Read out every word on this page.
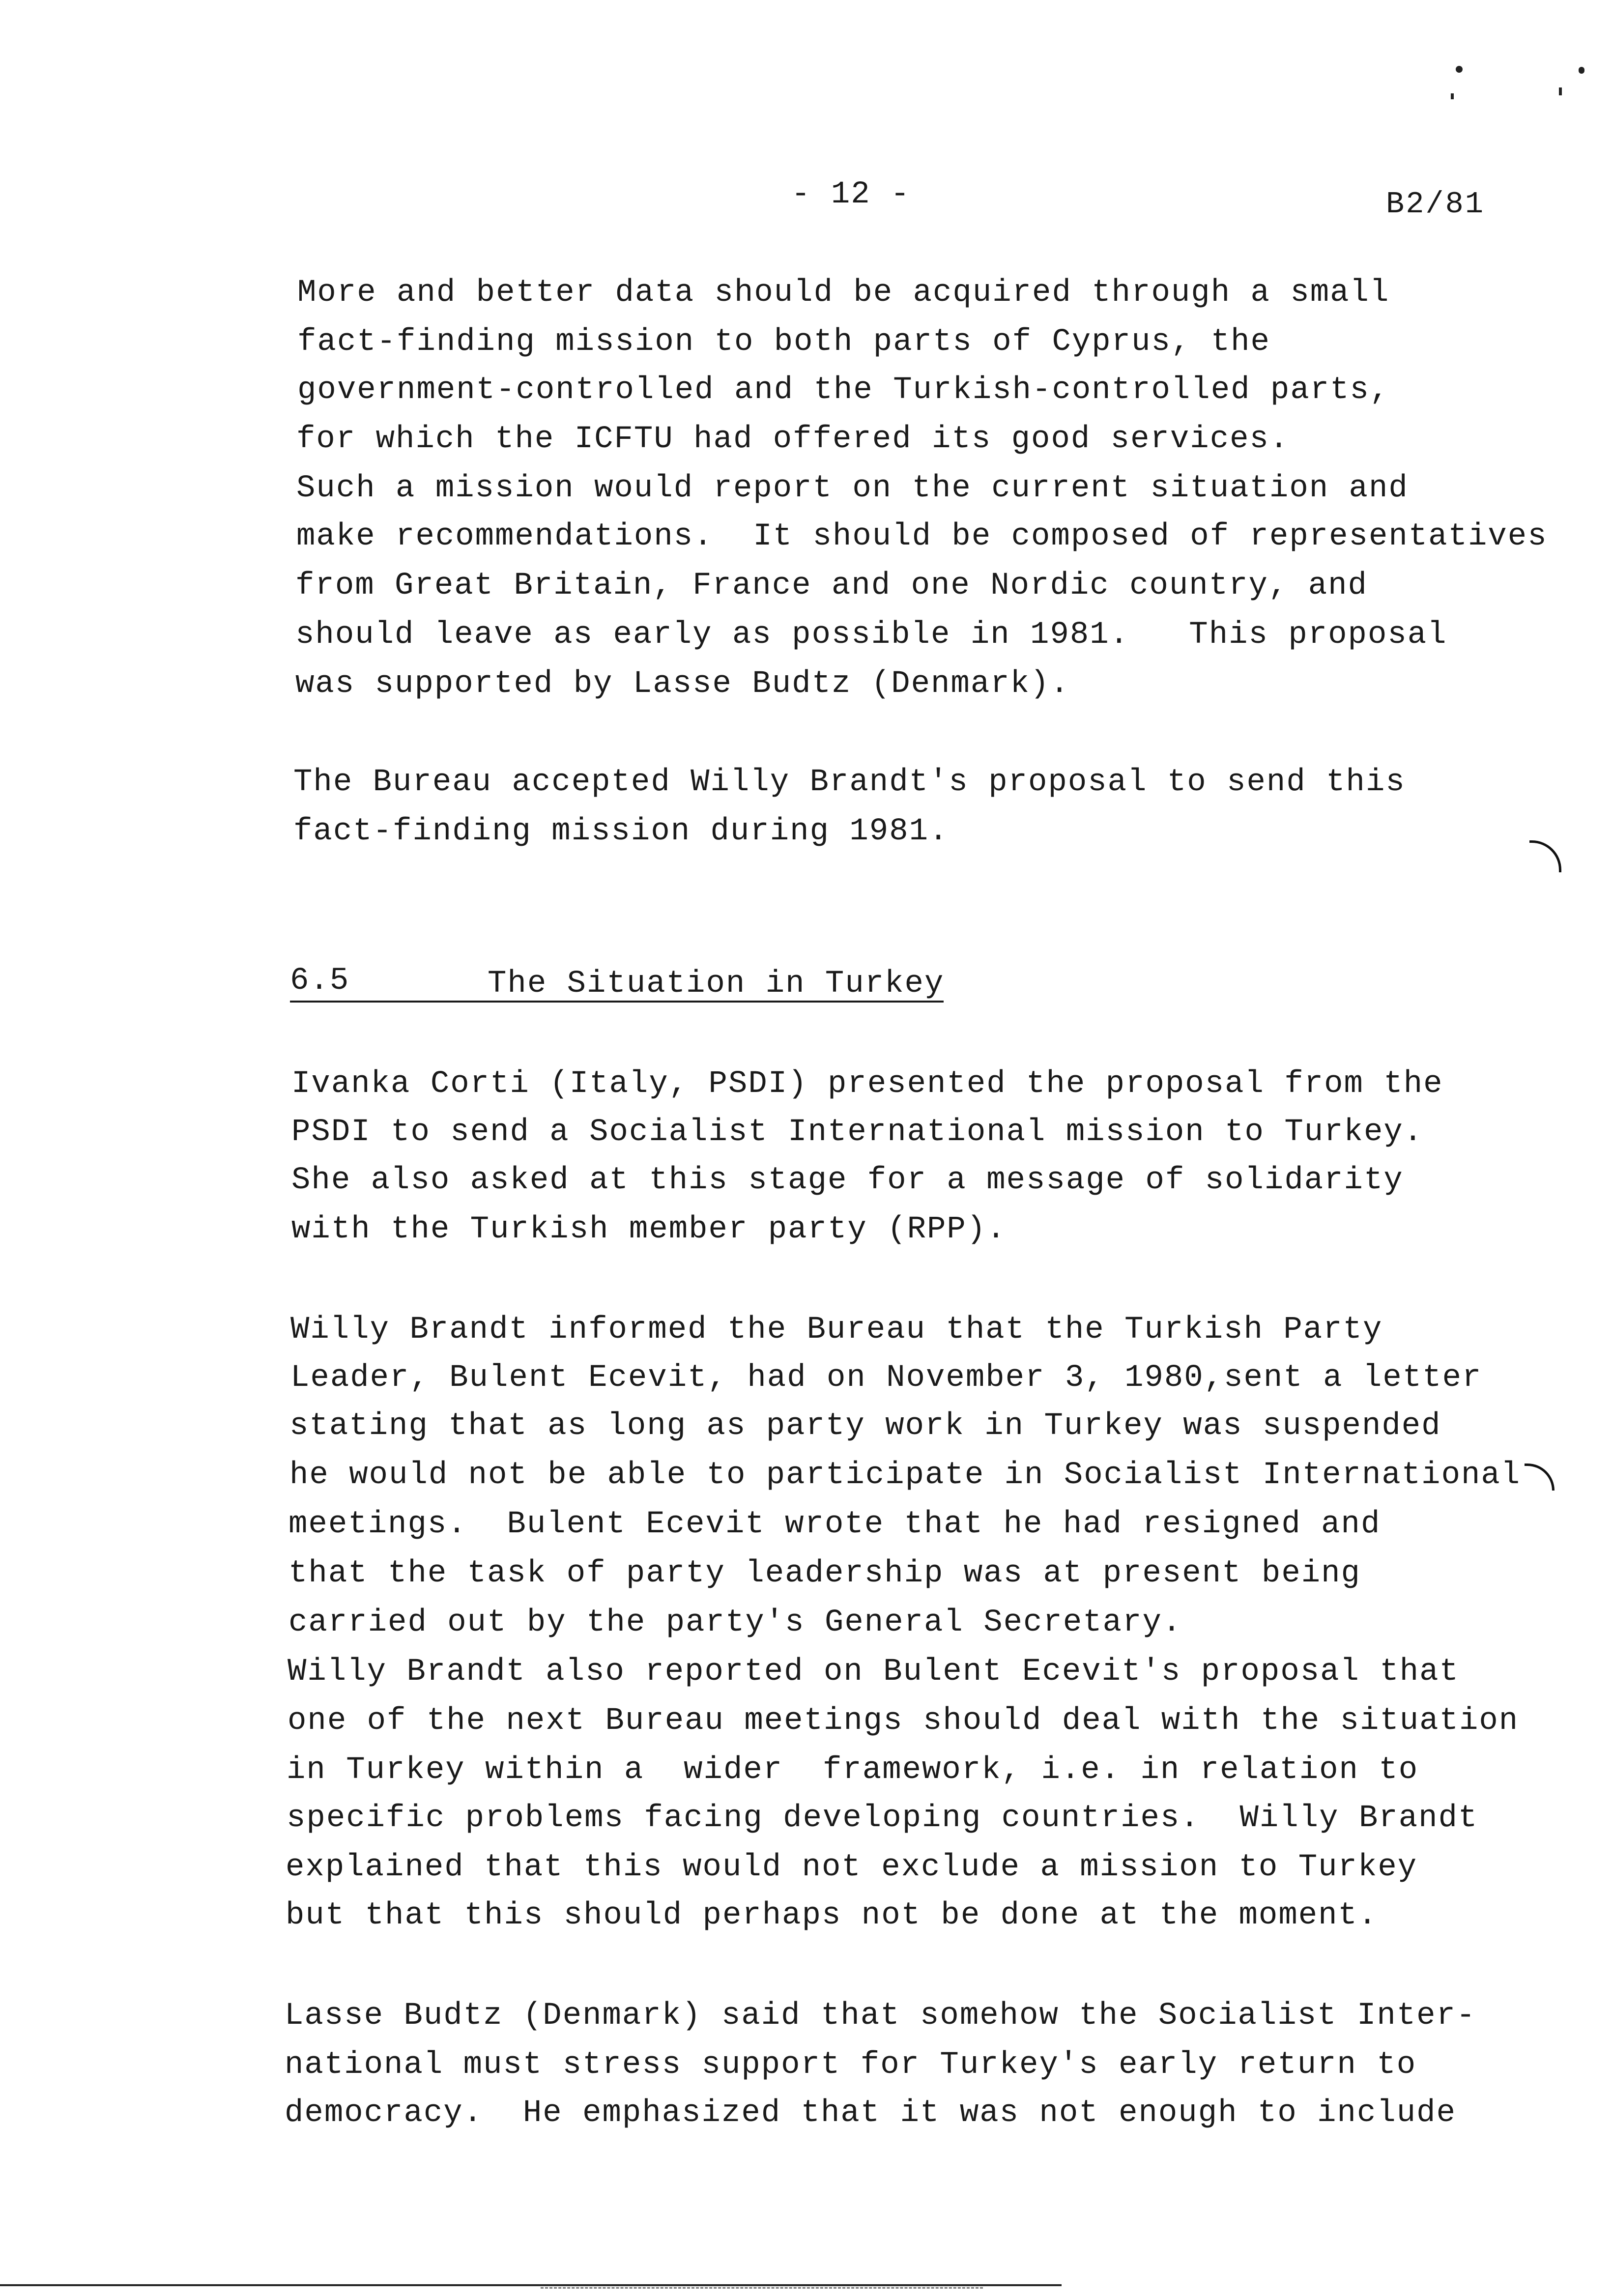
- 12 -	B2/81
More and better data should be acquired through a small
fact-finding mission to both parts of Cyprus, the
government-controlled and the Turkish-controlled parts,
for which the ICFTU had offered its good services.
Such a mission would report on the current situation and
make recommendations.  It should be composed of representatives
from Great Britain, France and one Nordic country, and
should leave as early as possible in 1981.   This proposal
was supported by Lasse Budtz (Denmark).
The Bureau accepted Willy Brandt's proposal to send this
fact-finding mission during 1981.
6.5	The Situation in Turkey
Ivanka Corti (Italy, PSDI) presented the proposal from the
PSDI to send a Socialist International mission to Turkey.
She also asked at this stage for a message of solidarity
with the Turkish member party (RPP).
Willy Brandt informed the Bureau that the Turkish Party
Leader, Bulent Ecevit, had on November 3, 1980,sent a letter
stating that as long as party work in Turkey was suspended
he would not be able to participate in Socialist International
meetings.  Bulent Ecevit wrote that he had resigned and
that the task of party leadership was at present being
carried out by the party's General Secretary.
Willy Brandt also reported on Bulent Ecevit's proposal that
one of the next Bureau meetings should deal with the situation
in Turkey within a  wider  framework, i.e. in relation to
specific problems facing developing countries.  Willy Brandt
explained that this would not exclude a mission to Turkey
but that this should perhaps not be done at the moment.
Lasse Budtz (Denmark) said that somehow the Socialist Inter-
national must stress support for Turkey's early return to
democracy.  He emphasized that it was not enough to include
